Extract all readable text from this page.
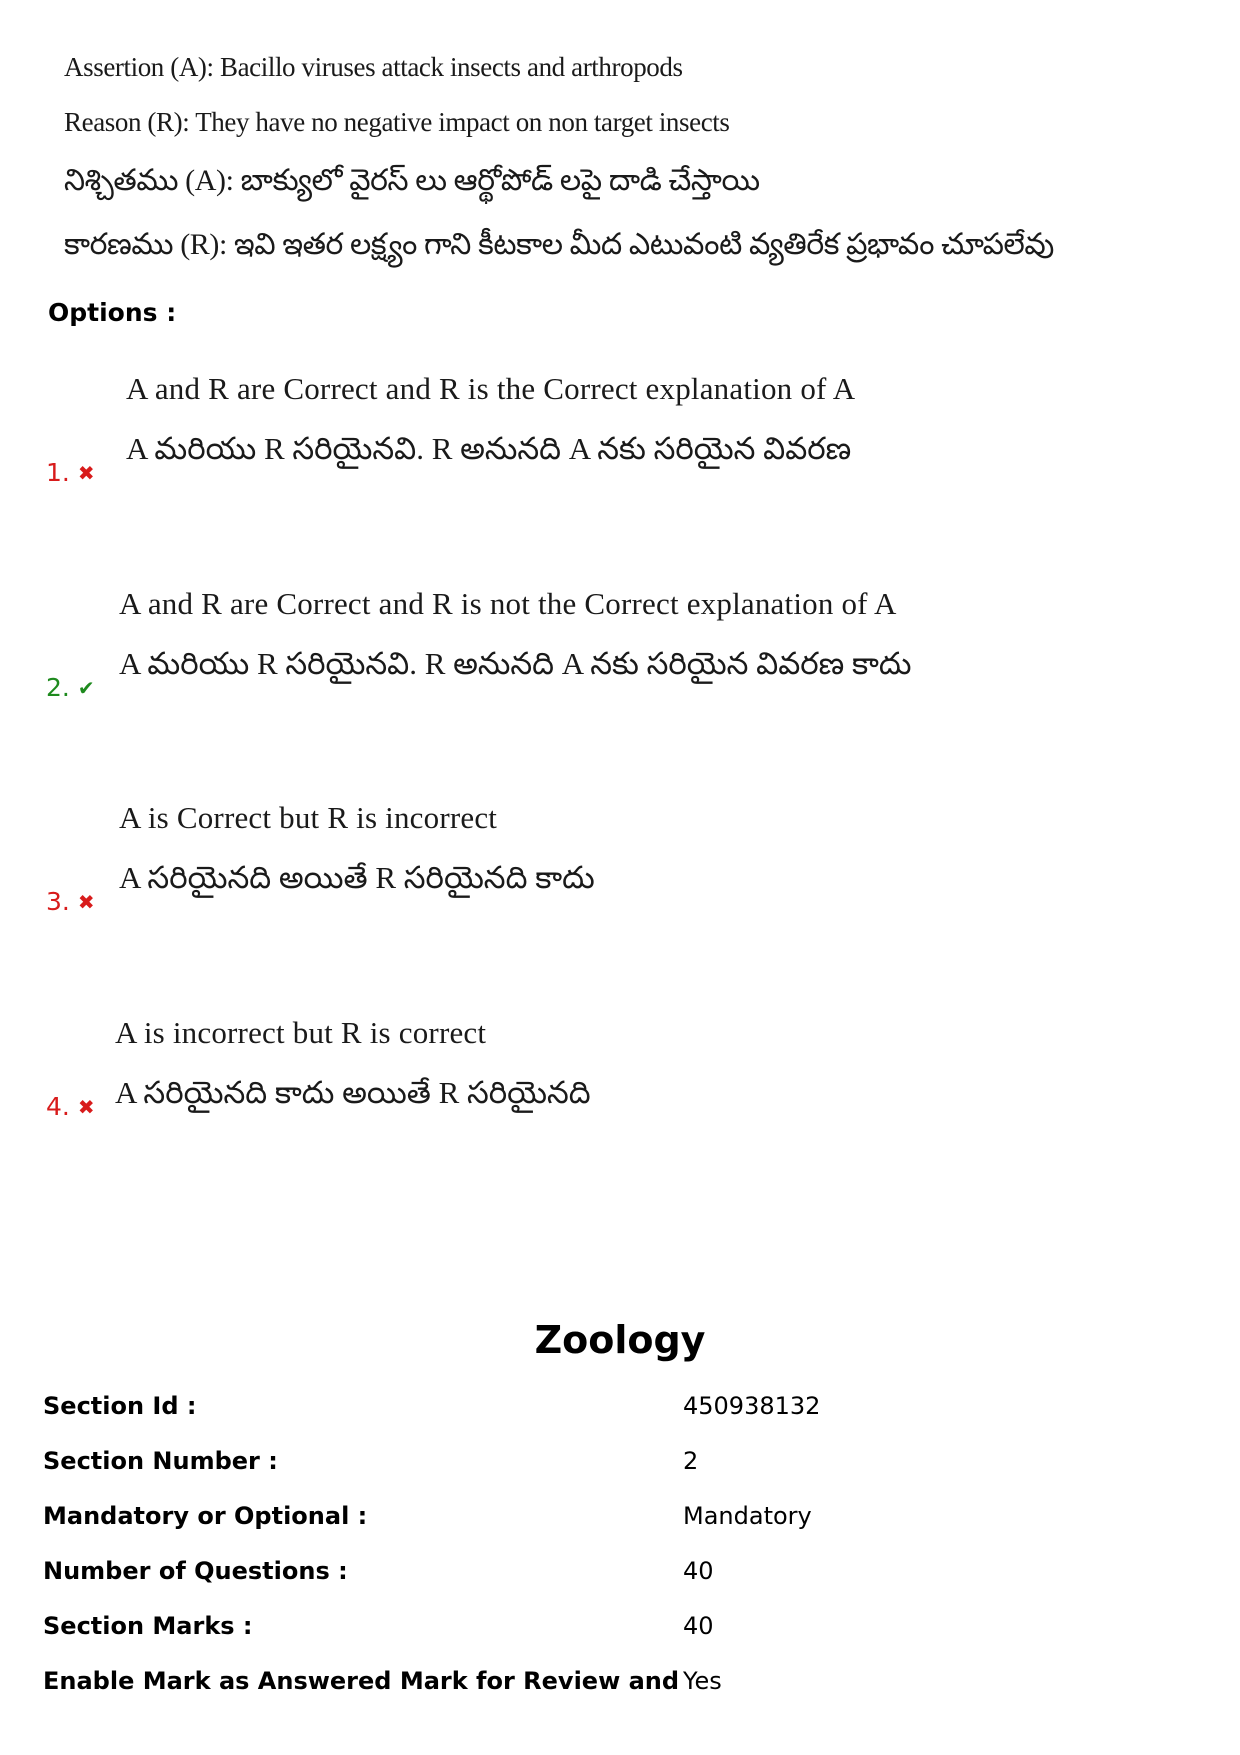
Assertion (A): Bacillo viruses attack insects and arthropods
Reason (R): They have no negative impact on non target insects
నిశ్చితము (A): బాక్యులో వైరస్ లు ఆర్థోపోడ్ లపై దాడి చేస్తాయి
కారణము (R): ఇవి ఇతర లక్ష్యం గాని కీటకాల మీద ఎటువంటి వ్యతిరేక ప్రభావం చూపలేవు
Options :
1. ✖
A and R are Correct and R is the Correct explanation of A
A మరియు R సరియైనవి. R అనునది A నకు సరియైన వివరణ
2. ✔
A and R are Correct and R is not the Correct explanation of A
A మరియు R సరియైనవి. R అనునది A నకు సరియైన వివరణ కాదు
3. ✖
A is Correct but R is incorrect
A సరియైనది అయితే R సరియైనది కాదు
4. ✖
A is incorrect but R is correct
A సరియైనది కాదు అయితే R సరియైనది
Zoology
Section Id :	450938132
Section Number :	2
Mandatory or Optional :	Mandatory
Number of Questions :	40
Section Marks :	40
Enable Mark as Answered Mark for Review and Yes
